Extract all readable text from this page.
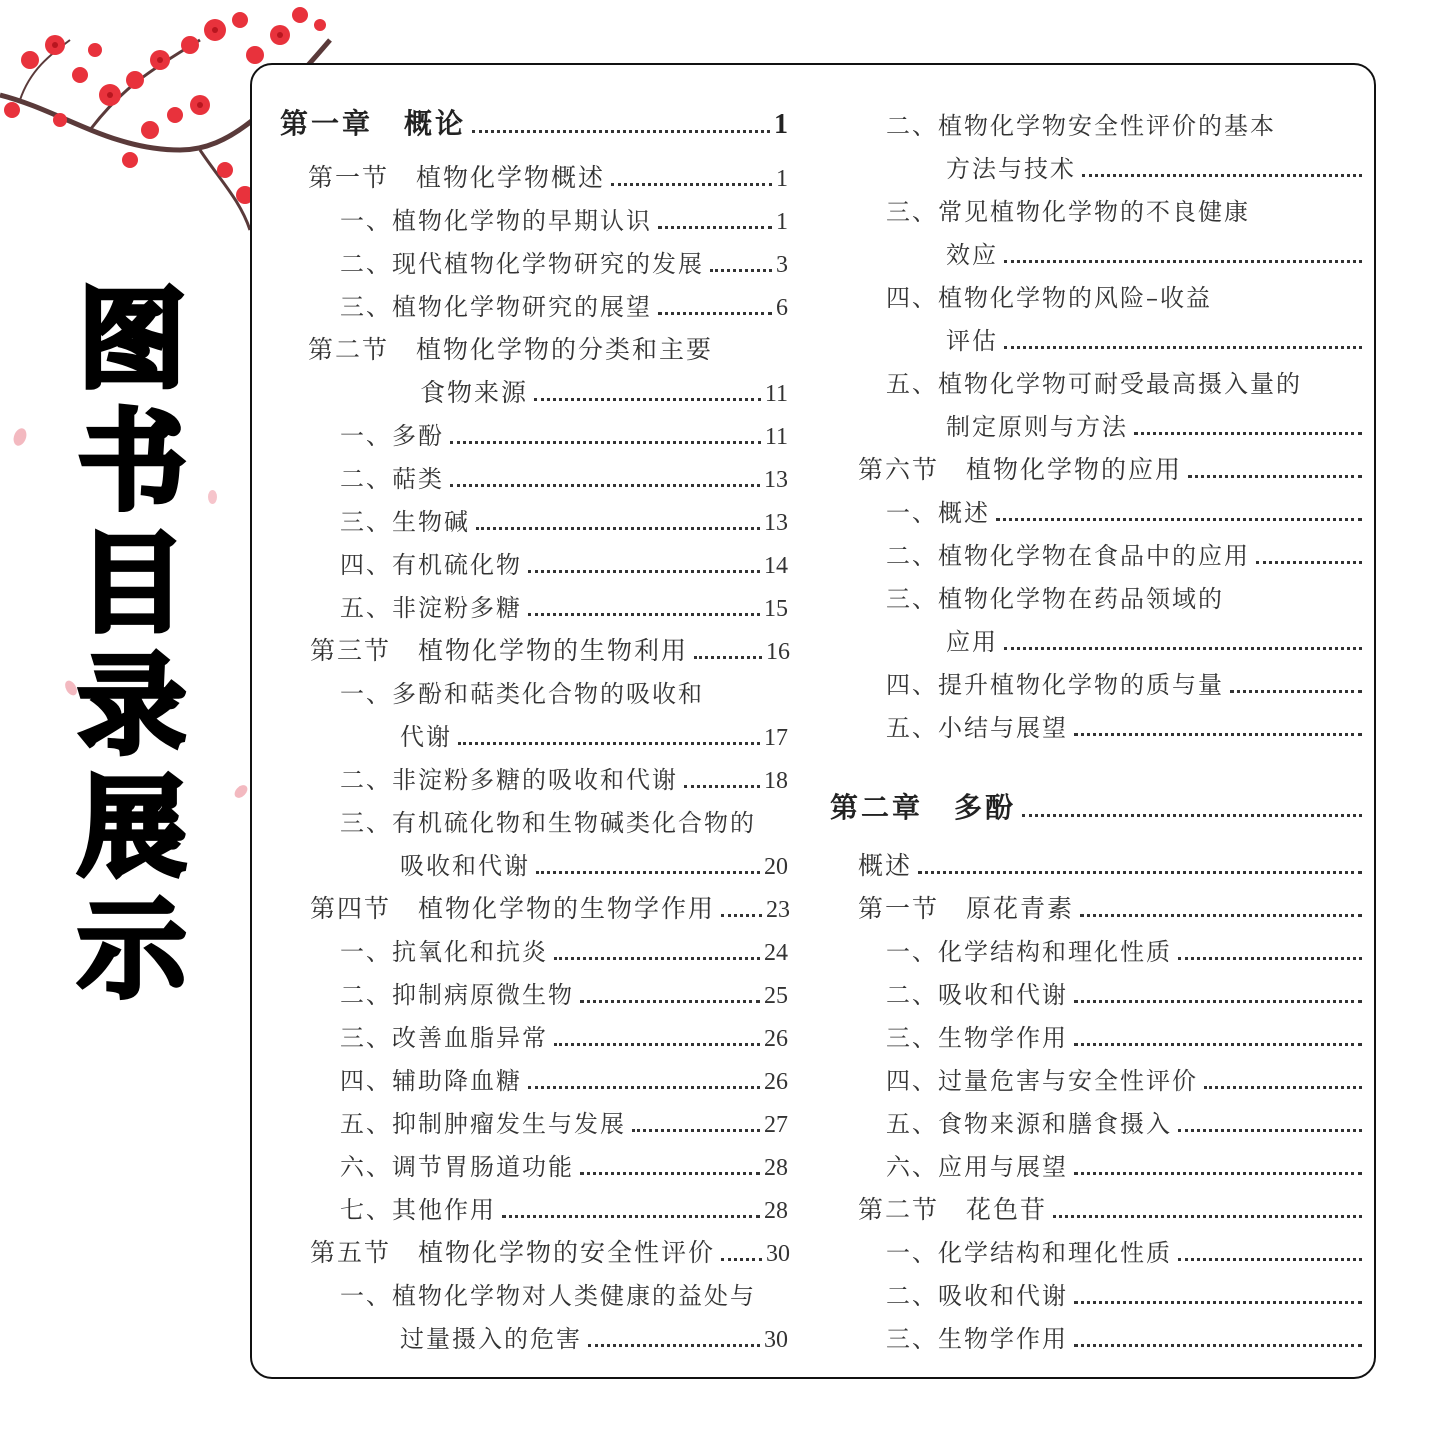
图
书
目
录
展
示
第一章　概论	1
第一节　植物化学物概述	1
一、植物化学物的早期认识	1
二、现代植物化学物研究的发展	3
三、植物化学物研究的展望	6
第二节　植物化学物的分类和主要
食物来源	11
一、多酚	11
二、萜类	13
三、生物碱	13
四、有机硫化物	14
五、非淀粉多糖	15
第三节　植物化学物的生物利用	16
一、多酚和萜类化合物的吸收和
代谢	17
二、非淀粉多糖的吸收和代谢	18
三、有机硫化物和生物碱类化合物的
吸收和代谢	20
第四节　植物化学物的生物学作用 23
一、抗氧化和抗炎	24
二、抑制病原微生物	25
三、改善血脂异常	26
四、辅助降血糖	26
五、抑制肿瘤发生与发展	27
六、调节胃肠道功能	28
七、其他作用	28
第五节　植物化学物的安全性评价 30
一、植物化学物对人类健康的益处与
过量摄入的危害	30
二、植物化学物安全性评价的基本
方法与技术
三、常见植物化学物的不良健康
效应
四、植物化学物的风险–收益
评估
五、植物化学物可耐受最高摄入量的
制定原则与方法
第六节　植物化学物的应用
一、概述
二、植物化学物在食品中的应用
三、植物化学物在药品领域的
应用
四、提升植物化学物的质与量
五、小结与展望
第二章　多酚
概述
第一节　原花青素
一、化学结构和理化性质
二、吸收和代谢
三、生物学作用
四、过量危害与安全性评价
五、食物来源和膳食摄入
六、应用与展望
第二节　花色苷
一、化学结构和理化性质
二、吸收和代谢
三、生物学作用
